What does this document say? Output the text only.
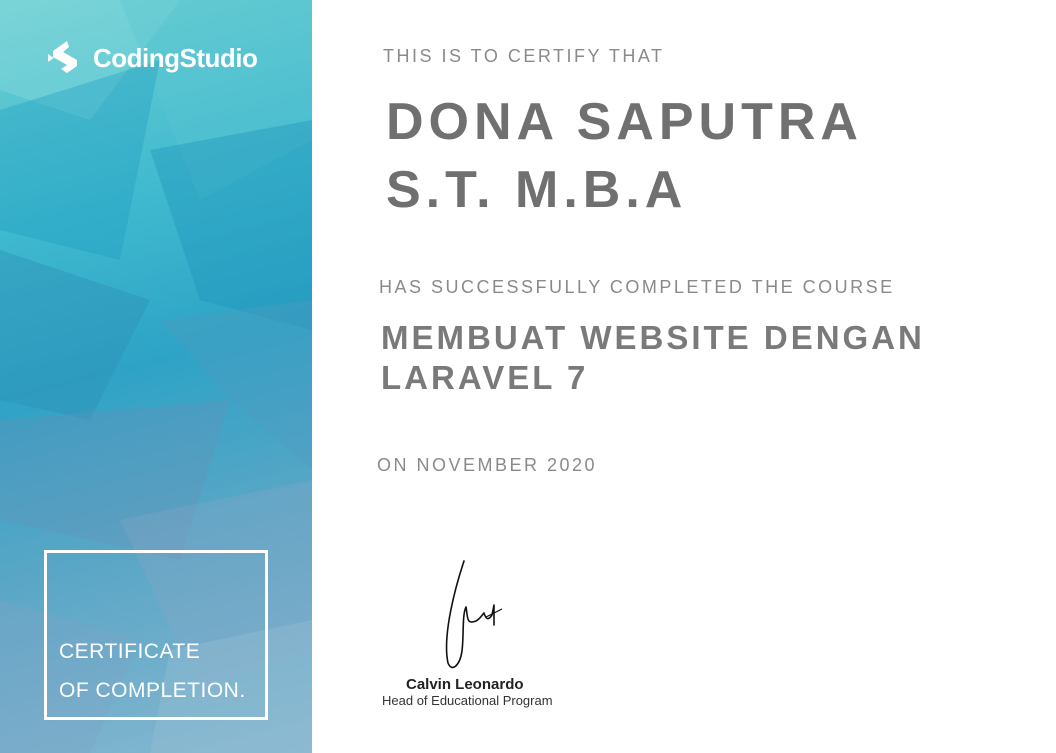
CodingStudio
CERTIFICATE
OF COMPLETION.
THIS IS TO CERTIFY THAT
DONA SAPUTRA
S.T. M.B.A
HAS SUCCESSFULLY COMPLETED THE COURSE
MEMBUAT WEBSITE DENGAN
LARAVEL 7
ON NOVEMBER 2020
Calvin Leonardo
Head of Educational Program
